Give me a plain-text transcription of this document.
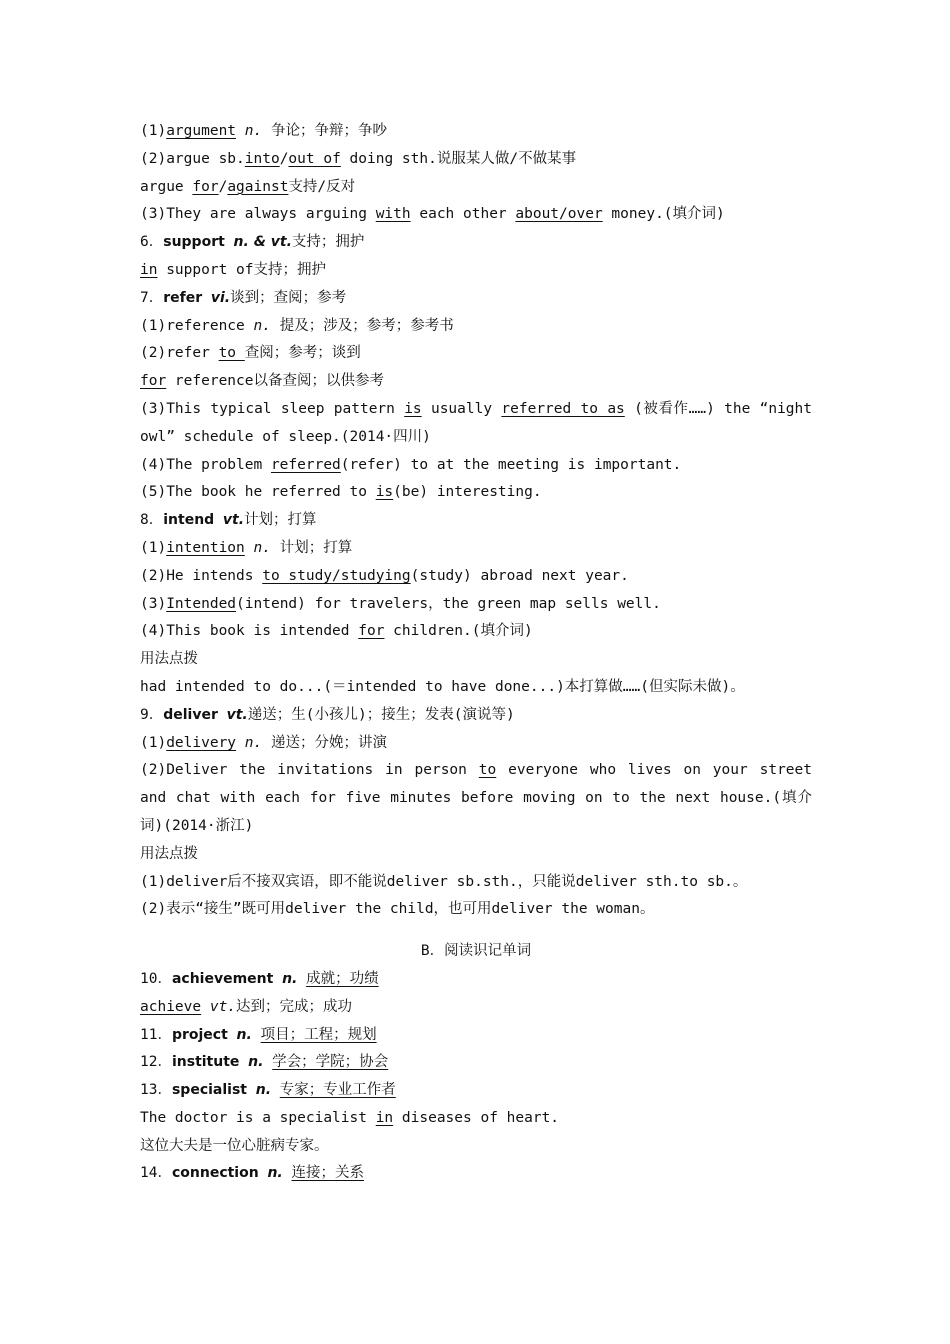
(1)argument n. 争论；争辩；争吵
(2)argue sb.into/out of doing sth.说服某人做/不做某事
argue for/against支持/反对
(3)They are always arguing with each other about/over money.(填介词)
6．support n. & vt.支持；拥护
in support of支持；拥护
7．refer vi.谈到；查阅；参考
(1)reference n. 提及；涉及；参考；参考书
(2)refer to 查阅；参考；谈到
for reference以备查阅；以供参考
(3)This typical sleep pattern is usually referred to as (被看作……) the “night owl” schedule of sleep.(2014·四川)
(4)The problem referred(refer) to at the meeting is important.
(5)The book he referred to is(be) interesting.
8．intend vt.计划；打算
(1)intention n. 计划；打算
(2)He intends to study/studying(study) abroad next year.
(3)Intended(intend) for travelers，the green map sells well.
(4)This book is intended for children.(填介词)
用法点拨
had intended to do...(＝intended to have done...)本打算做……(但实际未做)。
9．deliver vt.递送；生(小孩儿)；接生；发表(演说等)
(1)delivery n. 递送；分娩；讲演
(2)Deliver the invitations in person to everyone who lives on your street and chat with each for five minutes before moving on to the next house.(填介词)(2014·浙江)
用法点拨
(1)deliver后不接双宾语，即不能说deliver sb.sth.，只能说deliver sth.to sb.。
(2)表示“接生”既可用deliver the child，也可用deliver the woman。
B．阅读识记单词
10．achievement n. 成就；功绩
achieve vt.达到；完成；成功
11．project n. 项目；工程；规划
12．institute n. 学会；学院；协会
13．specialist n. 专家；专业工作者
The doctor is a specialist in diseases of heart.
这位大夫是一位心脏病专家。
14．connection n. 连接；关系
